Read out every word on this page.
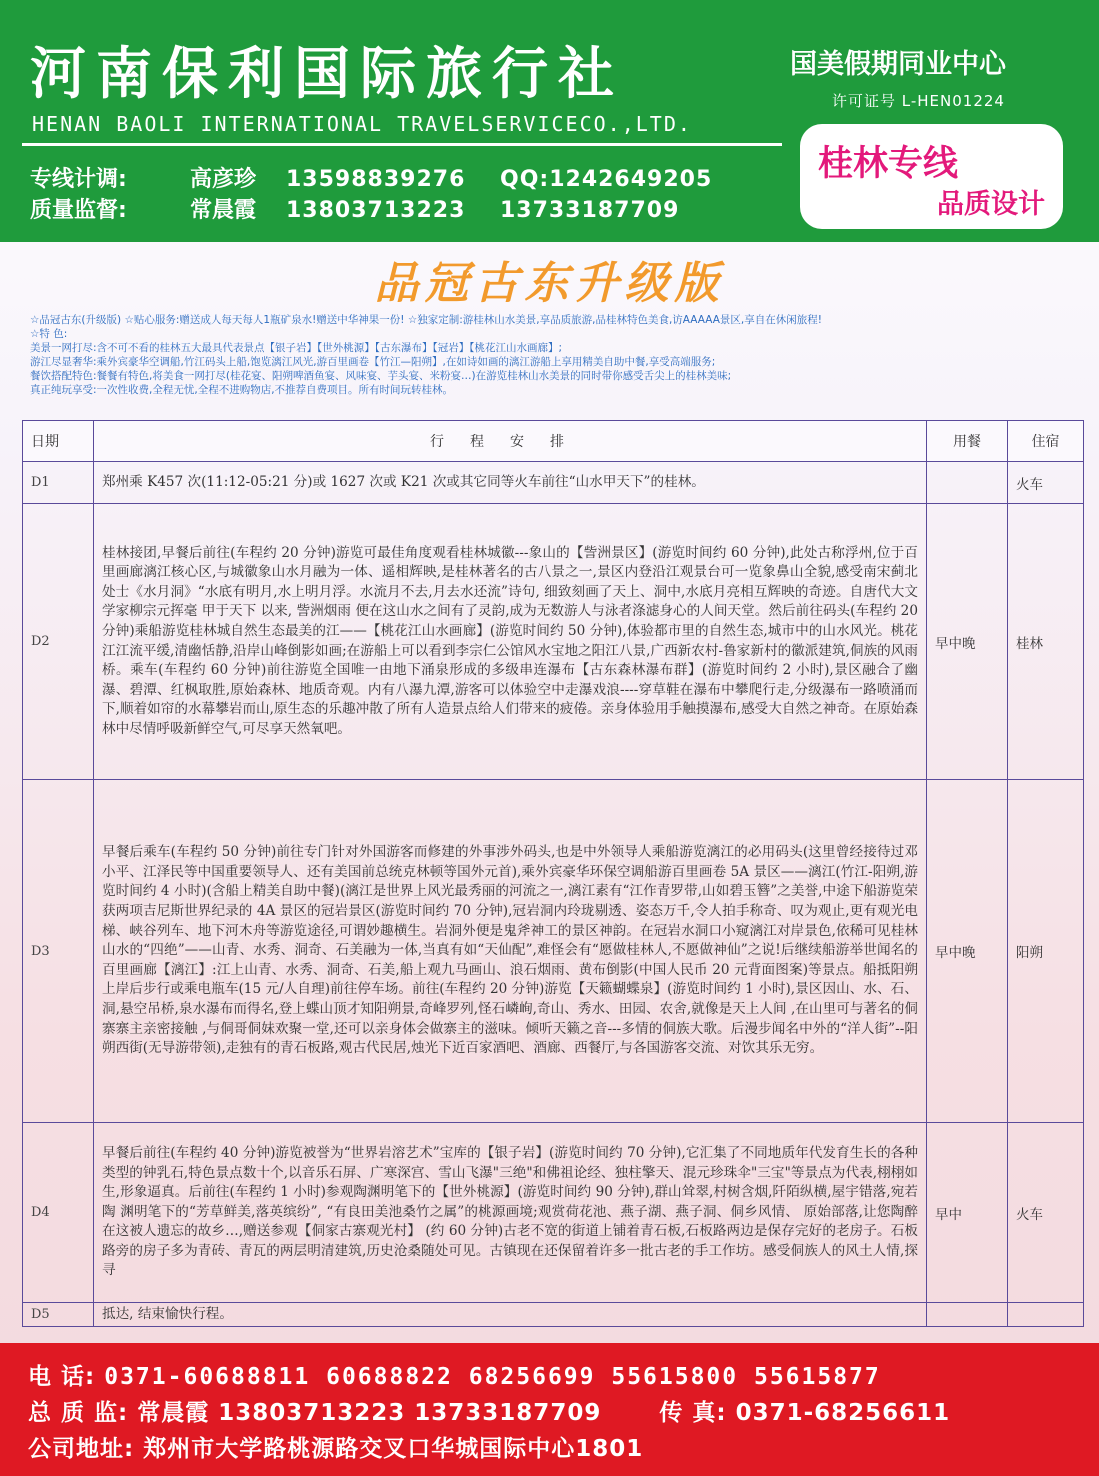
河南保利国际旅行社
HENAN BAOLI INTERNATIONAL TRAVELSERVICECO.,LTD.
专线计调:	高彦珍 13598839276 QQ:1242649205
质量监督:	常晨霞 13803713223 13733187709
国美假期同业中心
许可证号 L-HEN01224
桂林专线
品质设计
品冠古东升级版
☆品冠古东(升级版) ☆贴心服务:赠送成人每天每人1瓶矿泉水!赠送中华神果一份! ☆独家定制:游桂林山水美景,享品质旅游,品桂林特色美食,访AAAAA景区,享自在休闲旅程!
☆特 色:
美景一网打尽:含不可不看的桂林五大最具代表景点【银子岩】【世外桃源】【古东瀑布】【冠岩】【桃花江山水画廊】;
游江尽显奢华:乘外宾豪华空调船,竹江码头上船,饱览漓江风光,游百里画卷【竹江—阳朔】,在如诗如画的漓江游船上享用精美自助中餐,享受高端服务;
餐饮搭配特色:餐餐有特色,将美食一网打尽(桂花宴、阳朔啤酒鱼宴、风味宴、芋头宴、米粉宴…)在游览桂林山水美景的同时带你感受舌尖上的桂林美味;
真正纯玩享受:一次性收费,全程无忧,全程不进购物店,不推荐自费项目。所有时间玩转桂林。
日期	行程安排	用餐	住宿
D1	郑州乘 K457 次(11:12-05:21 分)或 1627 次或 K21 次或其它同等火车前往“山水甲天下”的桂林。		火车
D2	桂林接团,早餐后前往(车程约 20 分钟)游览可最佳角度观看桂林城徽---象山的【訾洲景区】(游览时间约 60 分钟),此处古称浮州,位于百里画廊漓江核心区,与城徽象山水月融为一体、遥相辉映,是桂林著名的古八景之一,景区内登沿江观景台可一览象鼻山全貌,感受南宋蓟北处士《水月洞》“水底有明月,水上明月浮。水流月不去,月去水还流”诗句, 细致刻画了天上、洞中,水底月亮相互辉映的奇迹。自唐代大文学家柳宗元挥毫 甲于天下 以来, 訾洲烟雨 便在这山水之间有了灵韵,成为无数游人与泳者涤滤身心的人间天堂。然后前往码头(车程约 20 分钟)乘船游览桂林城自然生态最美的江——【桃花江山水画廊】(游览时间约 50 分钟),体验都市里的自然生态,城市中的山水风光。桃花江江流平缓,清幽恬静,沿岸山峰倒影如画;在游船上可以看到李宗仁公馆风水宝地之阳江八景,广西新农村-鲁家新村的徽派建筑,侗族的风雨桥。乘车(车程约 60 分钟)前往游览全国唯一由地下涌泉形成的多级串连瀑布【古东森林瀑布群】(游览时间约 2 小时),景区融合了幽瀑、碧潭、红枫取胜,原始森林、地质奇观。内有八瀑九潭,游客可以体验空中走瀑戏浪----穿草鞋在瀑布中攀爬行走,分级瀑布一路喷涌而下,顺着如帘的水幕攀岩而山,原生态的乐趣冲散了所有人造景点给人们带来的疲倦。亲身体验用手触摸瀑布,感受大自然之神奇。在原始森林中尽情呼吸新鲜空气,可尽享天然氧吧。	早中晚	桂林
D3	早餐后乘车(车程约 50 分钟)前往专门针对外国游客而修建的外事涉外码头,也是中外领导人乘船游览漓江的必用码头(这里曾经接待过邓小平、江泽民等中国重要领导人、还有美国前总统克林顿等国外元首),乘外宾豪华环保空调船游百里画卷 5A 景区——漓江(竹江-阳朔,游览时间约 4 小时)(含船上精美自助中餐)(漓江是世界上风光最秀丽的河流之一,漓江素有“江作青罗带,山如碧玉簪”之美誉,中途下船游览荣获两项吉尼斯世界纪录的 4A 景区的冠岩景区(游览时间约 70 分钟),冠岩洞内玲珑剔透、姿态万千,令人拍手称奇、叹为观止,更有观光电梯、峡谷列车、地下河木舟等游览途径,可谓妙趣横生。岩洞外便是鬼斧神工的景区神韵。在冠岩水洞口小窥漓江对岸景色,依稀可见桂林山水的“四绝”——山青、水秀、洞奇、石美融为一体,当真有如“天仙配”,难怪会有“愿做桂林人,不愿做神仙”之说!后继续船游举世闻名的百里画廊【漓江】:江上山青、水秀、洞奇、石美,船上观九马画山、浪石烟雨、黄布倒影(中国人民币 20 元背面图案)等景点。船抵阳朔上岸后步行或乘电瓶车(15 元/人自理)前往停车场。前往(车程约 20 分钟)游览【天籁蝴蝶泉】(游览时间约 1 小时),景区因山、水、石、洞,悬空吊桥,泉水瀑布而得名,登上蝶山顶才知阳朔景,奇峰罗列,怪石嶙峋,奇山、秀水、田园、农舍,就像是天上人间 ,在山里可与著名的侗寨寨主亲密接触 ,与侗哥侗妹欢聚一堂,还可以亲身体会做寨主的滋味。倾听天籁之音---多情的侗族大歌。后漫步闻名中外的“洋人街”--阳朔西街(无导游带领),走独有的青石板路,观古代民居,烛光下近百家酒吧、酒廊、西餐厅,与各国游客交流、对饮其乐无穷。	早中晚	阳朔
D4	早餐后前往(车程约 40 分钟)游览被誉为“世界岩溶艺术”宝库的【银子岩】(游览时间约 70 分钟),它汇集了不同地质年代发育生长的各种类型的钟乳石,特色景点数十个,以音乐石屏、广寒深宫、雪山飞瀑"三绝"和佛祖论经、独柱擎天、混元珍珠伞"三宝"等景点为代表,栩栩如生,形象逼真。后前往(车程约 1 小时)参观陶渊明笔下的【世外桃源】(游览时间约 90 分钟),群山耸翠,村树含烟,阡陌纵横,屋宇错落,宛若陶 渊明笔下的“芳草鲜美,落英缤纷”, “有良田美池桑竹之属”的桃源画境;观赏荷花池、燕子湖、燕子洞、侗乡风情、 原始部落,让您陶醉在这被人遗忘的故乡…,赠送参观【侗家古寨观光村】 (约 60 分钟)古老不宽的街道上铺着青石板,石板路两边是保存完好的老房子。石板路旁的房子多为青砖、青瓦的两层明清建筑,历史沧桑随处可见。古镇现在还保留着许多一批古老的手工作坊。感受侗族人的风土人情,探寻	早中	火车
D5	抵达, 结束愉快行程。		
电 话: 0371-60688811 60688822 68256699 55615800 55615877
总 质 监: 常晨霞 13803713223 13733187709	传 真: 0371-68256611
公司地址: 郑州市大学路桃源路交叉口华城国际中心1801
